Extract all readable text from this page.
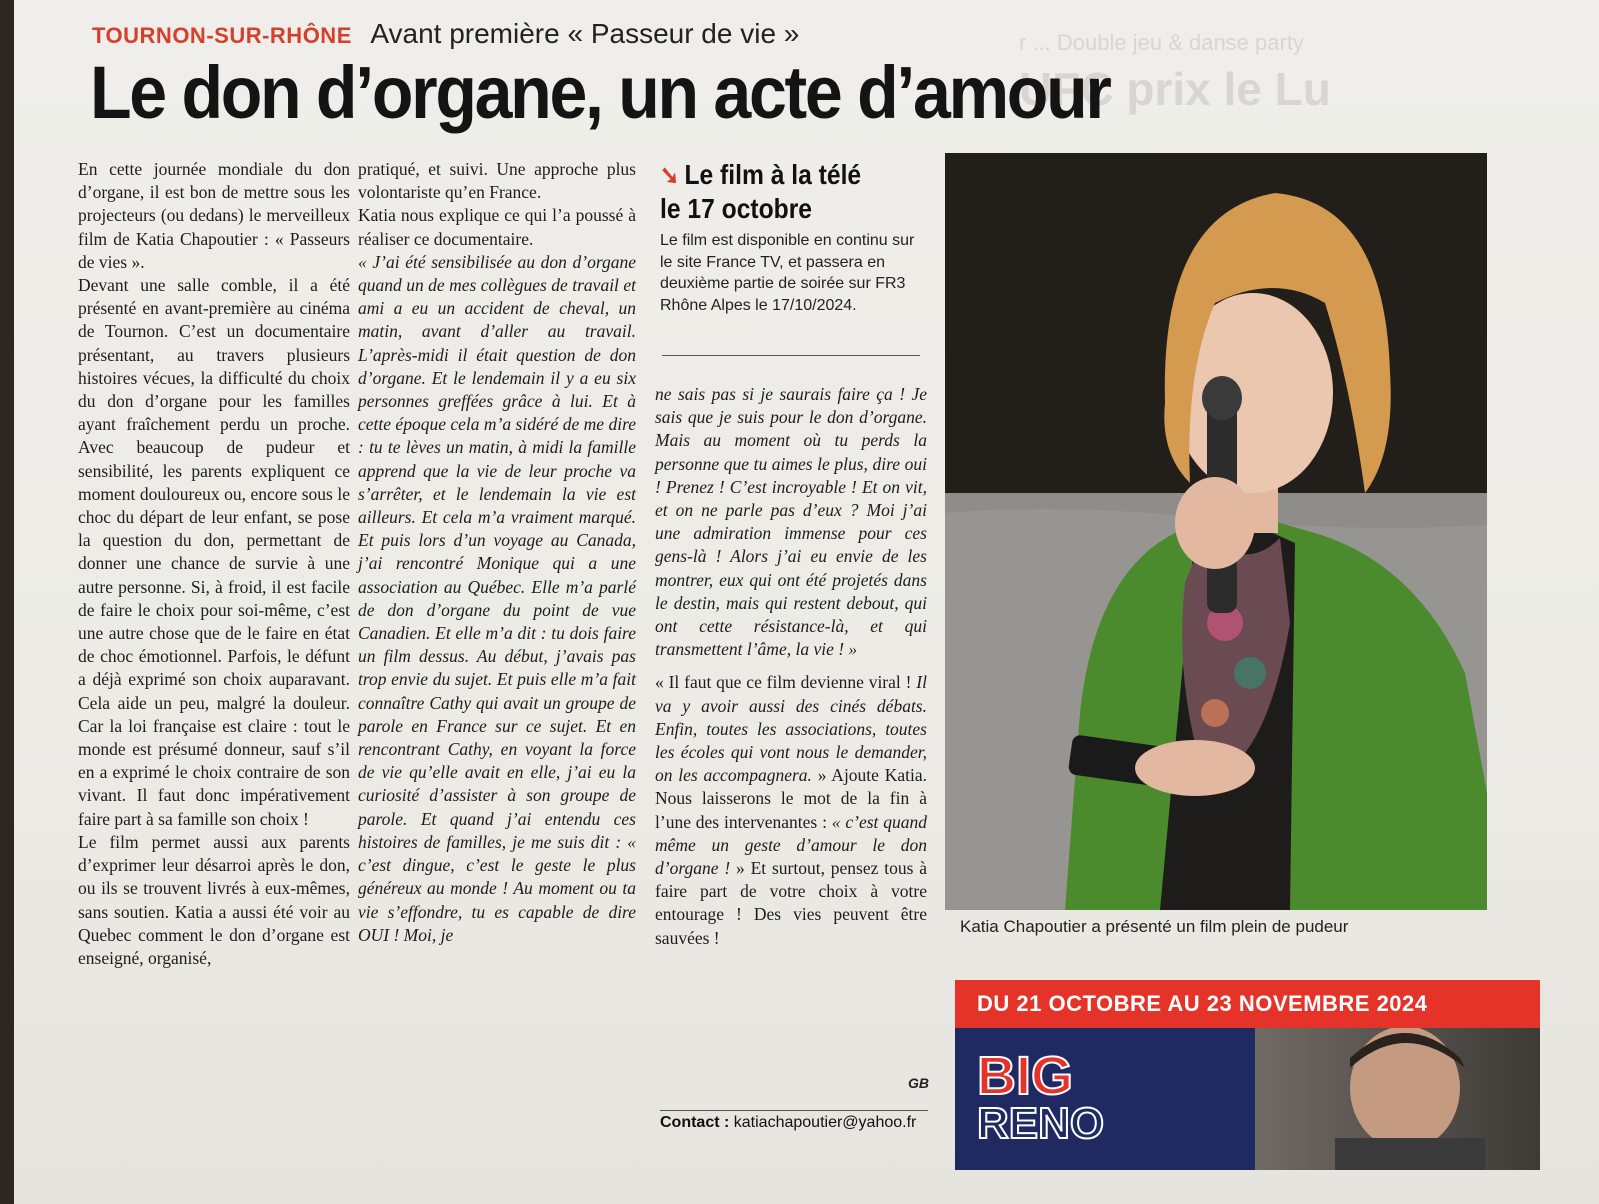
r ... Double jeu & danse party
UFC prix le Lu
TOURNON-SUR-RHÔNE Avant première « Passeur de vie »
Le don d’organe, un acte d’amour

En cette journée mondiale du don d’organe, il est bon de mettre sous les projecteurs (ou dedans) le merveilleux film de Katia Chapoutier : « Passeurs de vies ».

Devant une salle comble, il a été présenté en avant-première au cinéma de Tournon. C’est un documentaire présentant, au travers plusieurs histoires vécues, la difficulté du choix du don d’organe pour les familles ayant fraîchement perdu un proche. Avec beaucoup de pudeur et sensibilité, les parents expliquent ce moment douloureux ou, encore sous le choc du départ de leur enfant, se pose la question du don, permettant de donner une chance de survie à une autre personne. Si, à froid, il est facile de faire le choix pour soi-même, c’est une autre chose que de le faire en état de choc émotionnel. Parfois, le défunt a déjà exprimé son choix auparavant. Cela aide un peu, malgré la douleur. Car la loi française est claire : tout le monde est présumé donneur, sauf s’il en a exprimé le choix contraire de son vivant. Il faut donc impérativement faire part à sa famille son choix !

Le film permet aussi aux parents d’exprimer leur désarroi après le don, ou ils se trouvent livrés à eux-mêmes, sans soutien. Katia a aussi été voir au Quebec comment le don d’organe est enseigné, organisé,

pratiqué, et suivi. Une approche plus volontariste qu’en France.
Katia nous explique ce qui l’a poussé à réaliser ce documentaire.

« J’ai été sensibilisée au don d’organe quand un de mes collègues de travail et ami a eu un accident de cheval, un matin, avant d’aller au travail. L’après-midi il était question de don d’organe. Et le lendemain il y a eu six personnes greffées grâce à lui. Et à cette époque cela m’a sidéré de me dire : tu te lèves un matin, à midi la famille apprend que la vie de leur proche va s’arrêter, et le lendemain la vie est ailleurs. Et cela m’a vraiment marqué. Et puis lors d’un voyage au Canada, j’ai rencontré Monique qui a une association au Québec. Elle m’a parlé de don d’organe du point de vue Canadien. Et elle m’a dit : tu dois faire un film dessus. Au début, j’avais pas trop envie du sujet. Et puis elle m’a fait connaître Cathy qui avait un groupe de parole en France sur ce sujet. Et en rencontrant Cathy, en voyant la force de vie qu’elle avait en elle, j’ai eu la curiosité d’assister à son groupe de parole. Et quand j’ai entendu ces histoires de familles, je me suis dit : « c’est dingue, c’est le geste le plus généreux au monde ! Au moment ou ta vie s’effondre, tu es capable de dire OUI ! Moi, je

➘ Le film à la télé
le 17 octobre
Le film est disponible en continu sur le site France TV, et passera en deuxième partie de soirée sur FR3 Rhône Alpes le 17/10/2024.

ne sais pas si je saurais faire ça ! Je sais que je suis pour le don d’organe. Mais au moment où tu perds la personne que tu aimes le plus, dire oui ! Prenez ! C’est incroyable ! Et on vit, et on ne parle pas d’eux ? Moi j’ai une admiration immense pour ces gens-là ! Alors j’ai eu envie de les montrer, eux qui ont été projetés dans le destin, mais qui restent debout, qui ont cette résistance-là, et qui transmettent l’âme, la vie ! »

« Il faut que ce film devienne viral ! Il va y avoir aussi des cinés débats. Enfin, toutes les associations, toutes les écoles qui vont nous le demander, on les accompagnera. » Ajoute Katia. Nous laisserons le mot de la fin à l’une des intervenantes : « c’est quand même un geste d’amour le don d’organe ! » Et surtout, pensez tous à faire part de votre choix à votre entourage ! Des vies peuvent être sauvées !

GB
Contact : katiachapoutier@yahoo.fr
Katia Chapoutier a présenté un film plein de pudeur
DU 21 OCTOBRE AU 23 NOVEMBRE 2024
BIG
RENO
